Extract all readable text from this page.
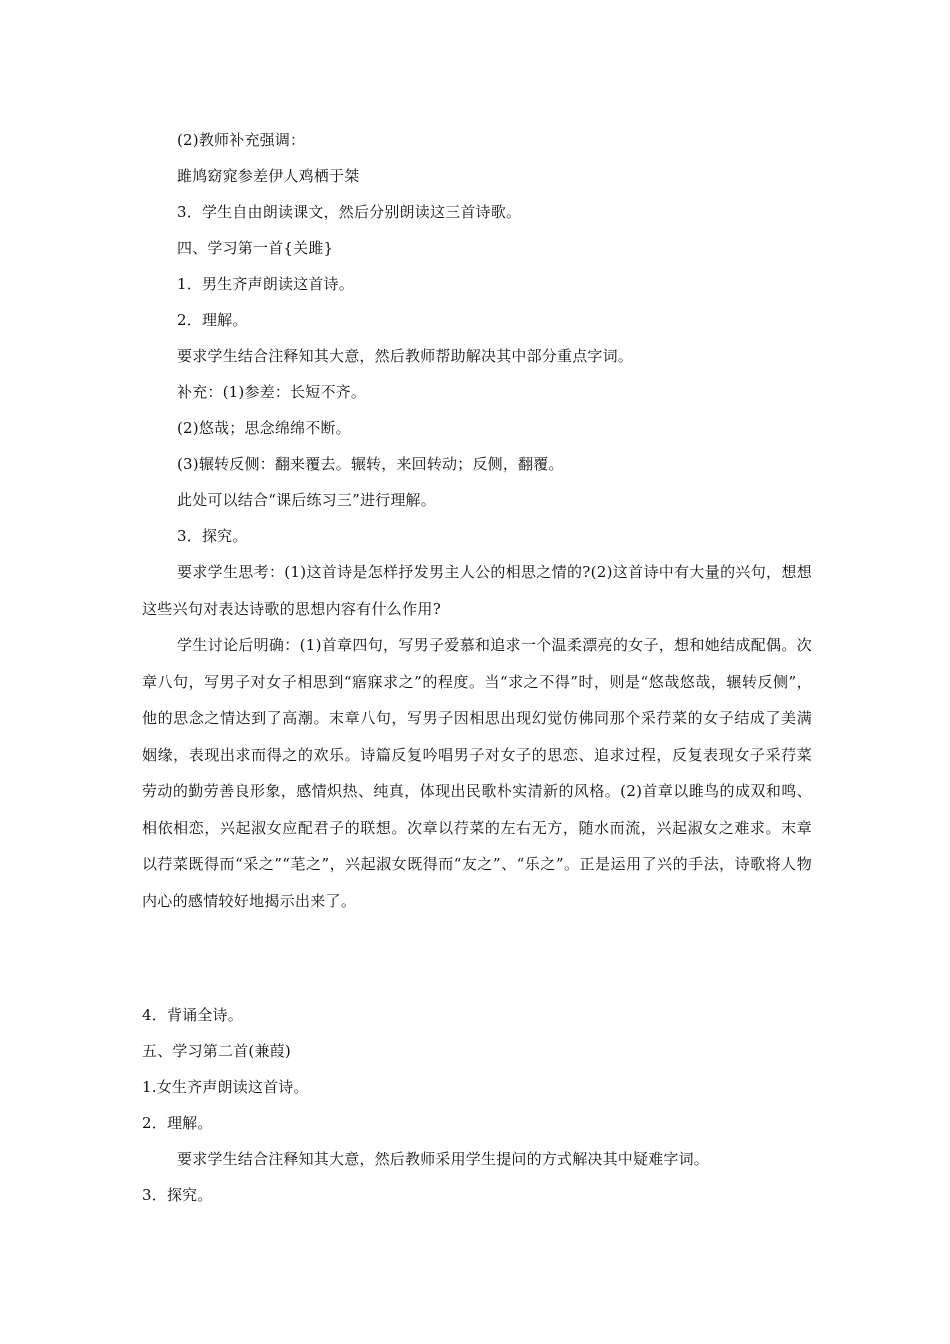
(2)教师补充强调：
雎鸠窈窕参差伊人鸡栖于桀
3．学生自由朗读课文，然后分别朗读这三首诗歌。
四、学习第一首{关雎}
1．男生齐声朗读这首诗。
2．理解。
要求学生结合注释知其大意，然后教师帮助解决其中部分重点字词。
补充：(1)参差：长短不齐。
(2)悠哉；思念绵绵不断。
(3)辗转反侧：翻来覆去。辗转，来回转动；反侧，翻覆。
此处可以结合“课后练习三”进行理解。
3．探究。
要求学生思考：(1)这首诗是怎样抒发男主人公的相思之情的?(2)这首诗中有大量的兴句，想想这些兴句对表达诗歌的思想内容有什么作用?
学生讨论后明确：(1)首章四句，写男子爱慕和追求一个温柔漂亮的女子，想和她结成配偶。次章八句，写男子对女子相思到“寤寐求之”的程度。当“求之不得”时，则是“悠哉悠哉，辗转反侧”，他的思念之情达到了高潮。末章八句，写男子因相思出现幻觉仿佛同那个采荇菜的女子结成了美满姻缘，表现出求而得之的欢乐。诗篇反复吟唱男子对女子的思恋、追求过程，反复表现女子采荇菜劳动的勤劳善良形象，感情炽热、纯真，体现出民歌朴实清新的风格。(2)首章以雎鸟的成双和鸣、相依相恋，兴起淑女应配君子的联想。次章以荇菜的左右无方，随水而流，兴起淑女之难求。末章以荇菜既得而“采之”“芼之”，兴起淑女既得而“友之”、“乐之”。正是运用了兴的手法，诗歌将人物内心的感情较好地揭示出来了。
4．背诵全诗。
五、学习第二首(兼葭)
1.女生齐声朗读这首诗。
2．理解。
要求学生结合注释知其大意，然后教师采用学生提问的方式解决其中疑难字词。
3．探究。
